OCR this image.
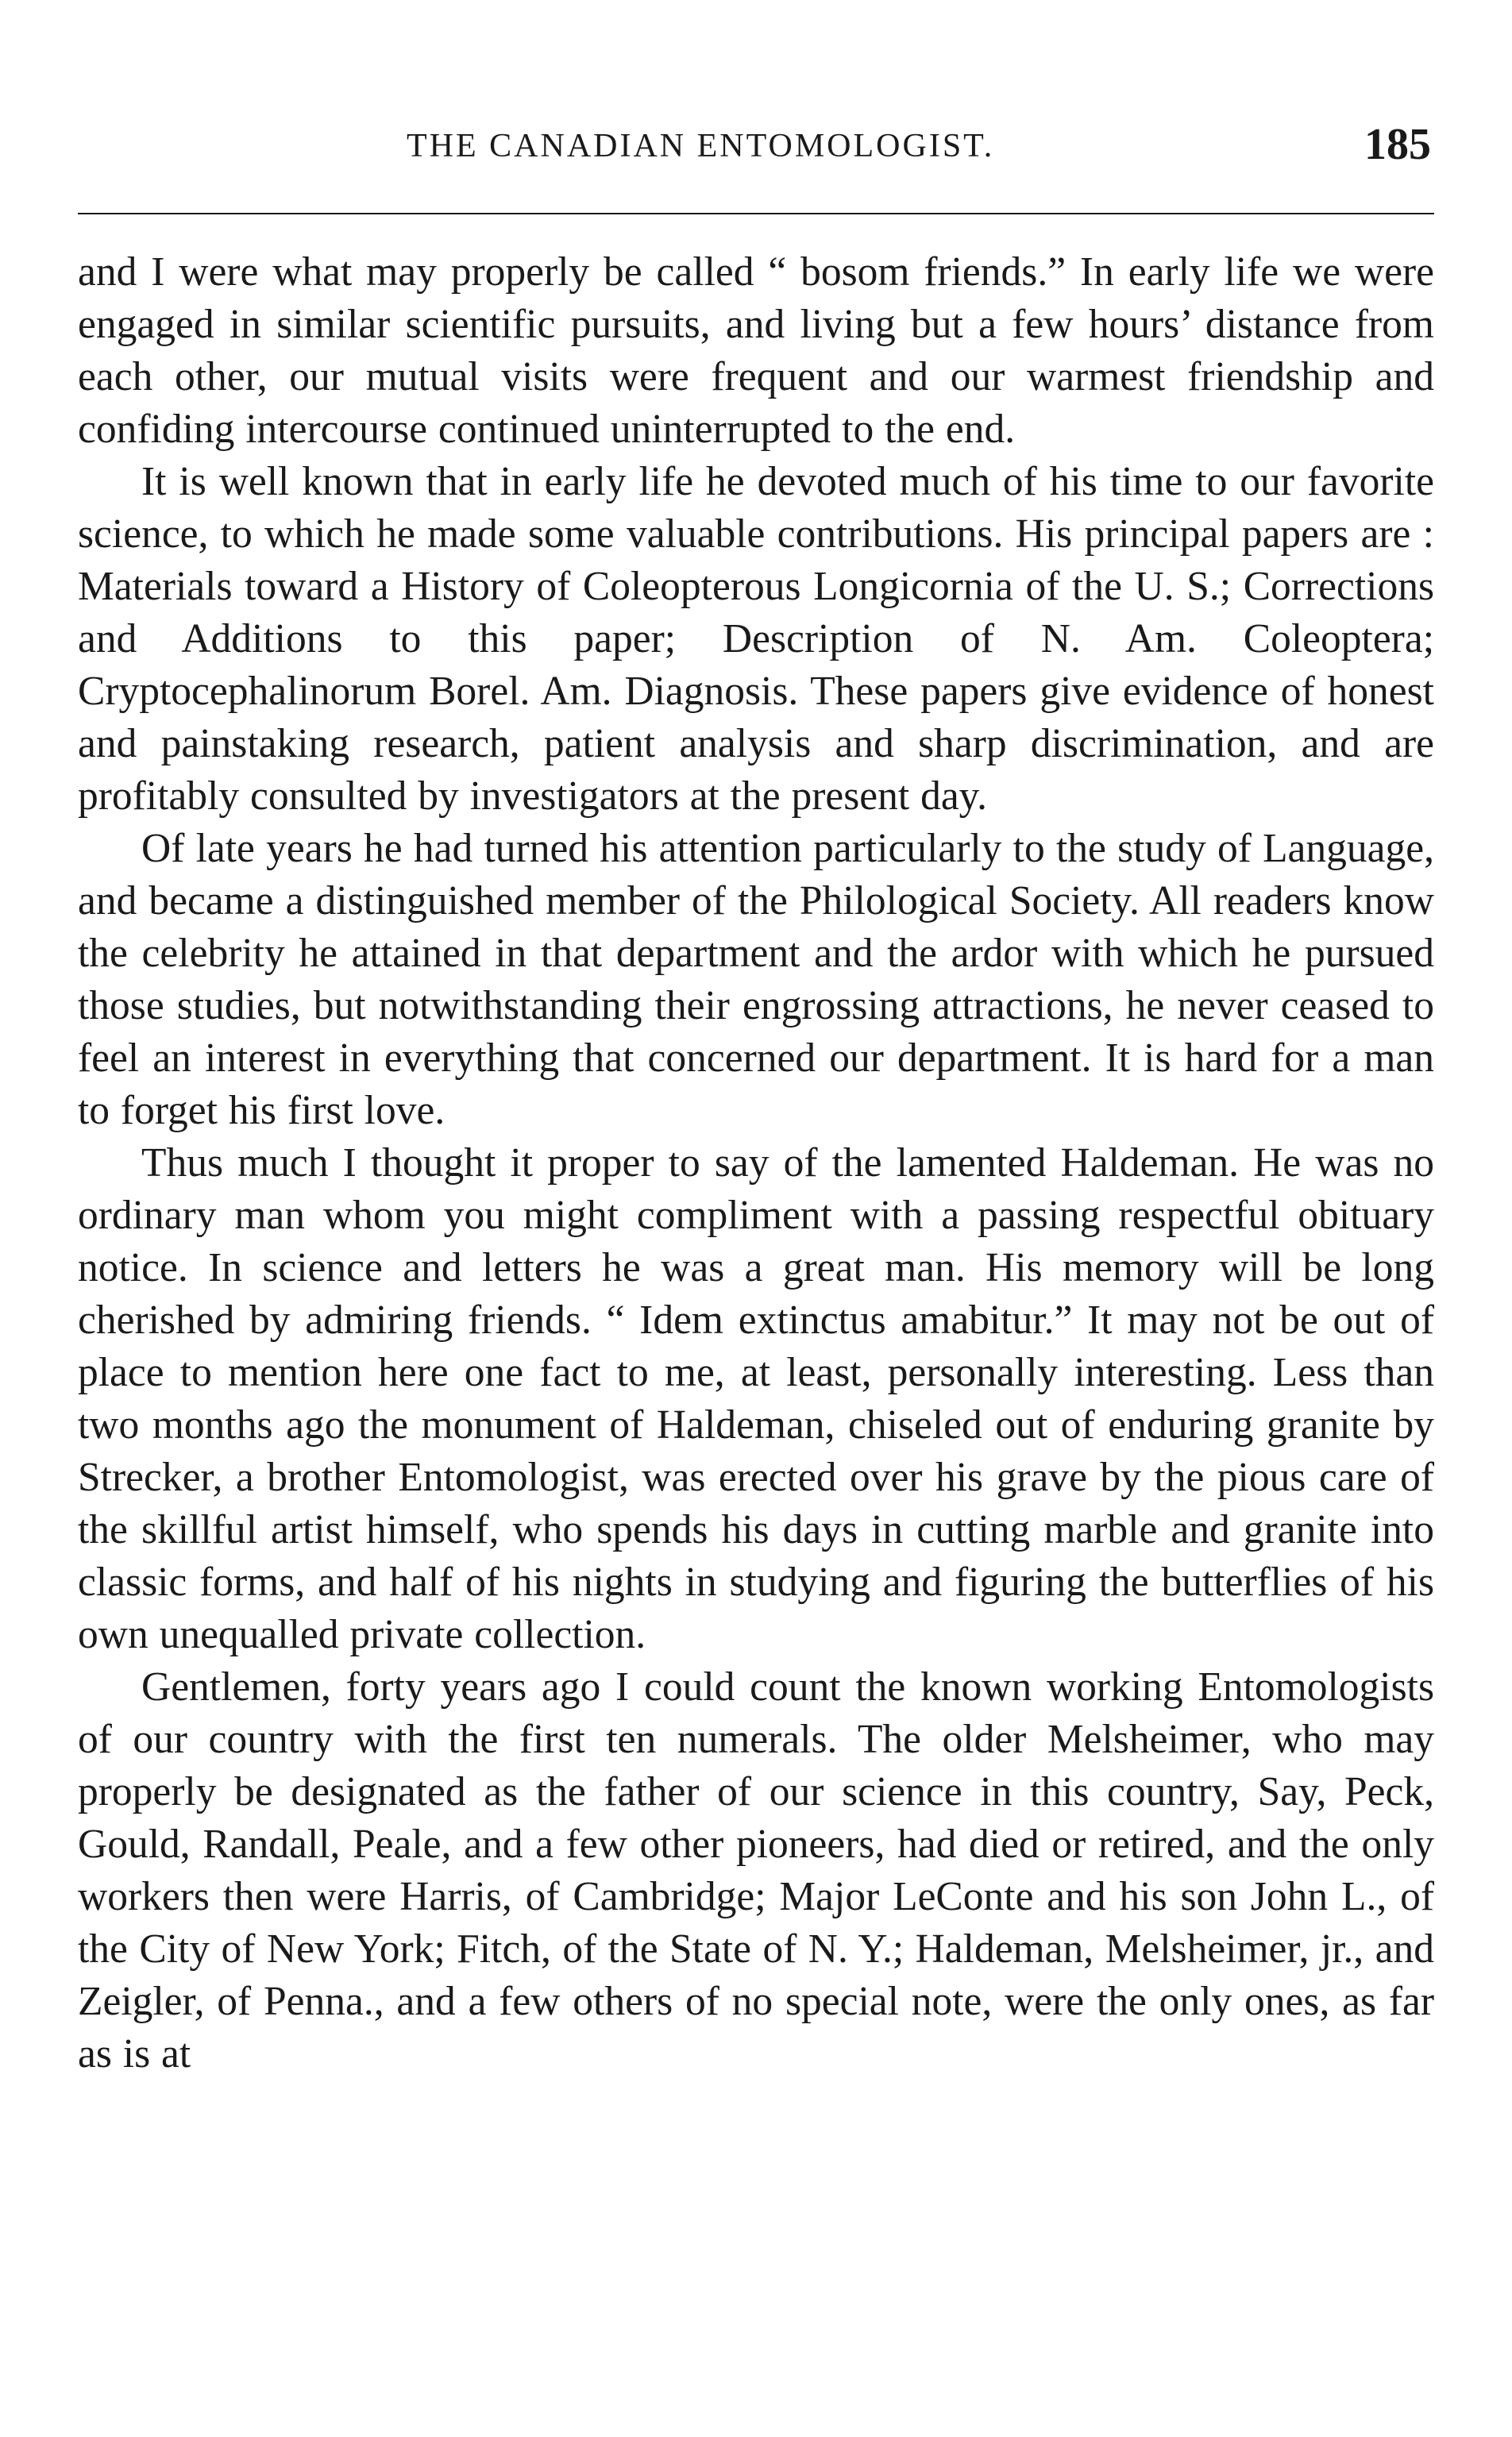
THE CANADIAN ENTOMOLOGIST.	185

and I were what may properly be called “ bosom friends.” In early life we were engaged in similar scientific pursuits, and living but a few hours’ distance from each other, our mutual visits were frequent and our warmest friendship and confiding intercourse continued uninterrupted to the end.

It is well known that in early life he devoted much of his time to our favorite science, to which he made some valuable contributions. His principal papers are : Materials toward a History of Coleopterous Longicornia of the U. S.; Corrections and Additions to this paper; Description of N. Am. Coleoptera; Cryptocephalinorum Borel. Am. Diagnosis. These papers give evidence of honest and painstaking research, patient analysis and sharp discrimination, and are profitably consulted by investigators at the present day.

Of late years he had turned his attention particularly to the study of Language, and became a distinguished member of the Philological Society. All readers know the celebrity he attained in that department and the ardor with which he pursued those studies, but notwithstanding their engrossing attractions, he never ceased to feel an interest in everything that concerned our department. It is hard for a man to forget his first love.

Thus much I thought it proper to say of the lamented Haldeman. He was no ordinary man whom you might compliment with a passing respectful obituary notice. In science and letters he was a great man. His memory will be long cherished by admiring friends. “ Idem extinctus amabitur.” It may not be out of place to mention here one fact to me, at least, personally interesting. Less than two months ago the monument of Haldeman, chiseled out of enduring granite by Strecker, a brother Entomologist, was erected over his grave by the pious care of the skillful artist himself, who spends his days in cutting marble and granite into classic forms, and half of his nights in studying and figuring the butterflies of his own unequalled private collection.

Gentlemen, forty years ago I could count the known working Entomologists of our country with the first ten numerals. The older Melsheimer, who may properly be designated as the father of our science in this country, Say, Peck, Gould, Randall, Peale, and a few other pioneers, had died or retired, and the only workers then were Harris, of Cambridge; Major LeConte and his son John L., of the City of New York; Fitch, of the State of N. Y.; Haldeman, Melsheimer, jr., and Zeigler, of Penna., and a few others of no special note, were the only ones, as far as is at
